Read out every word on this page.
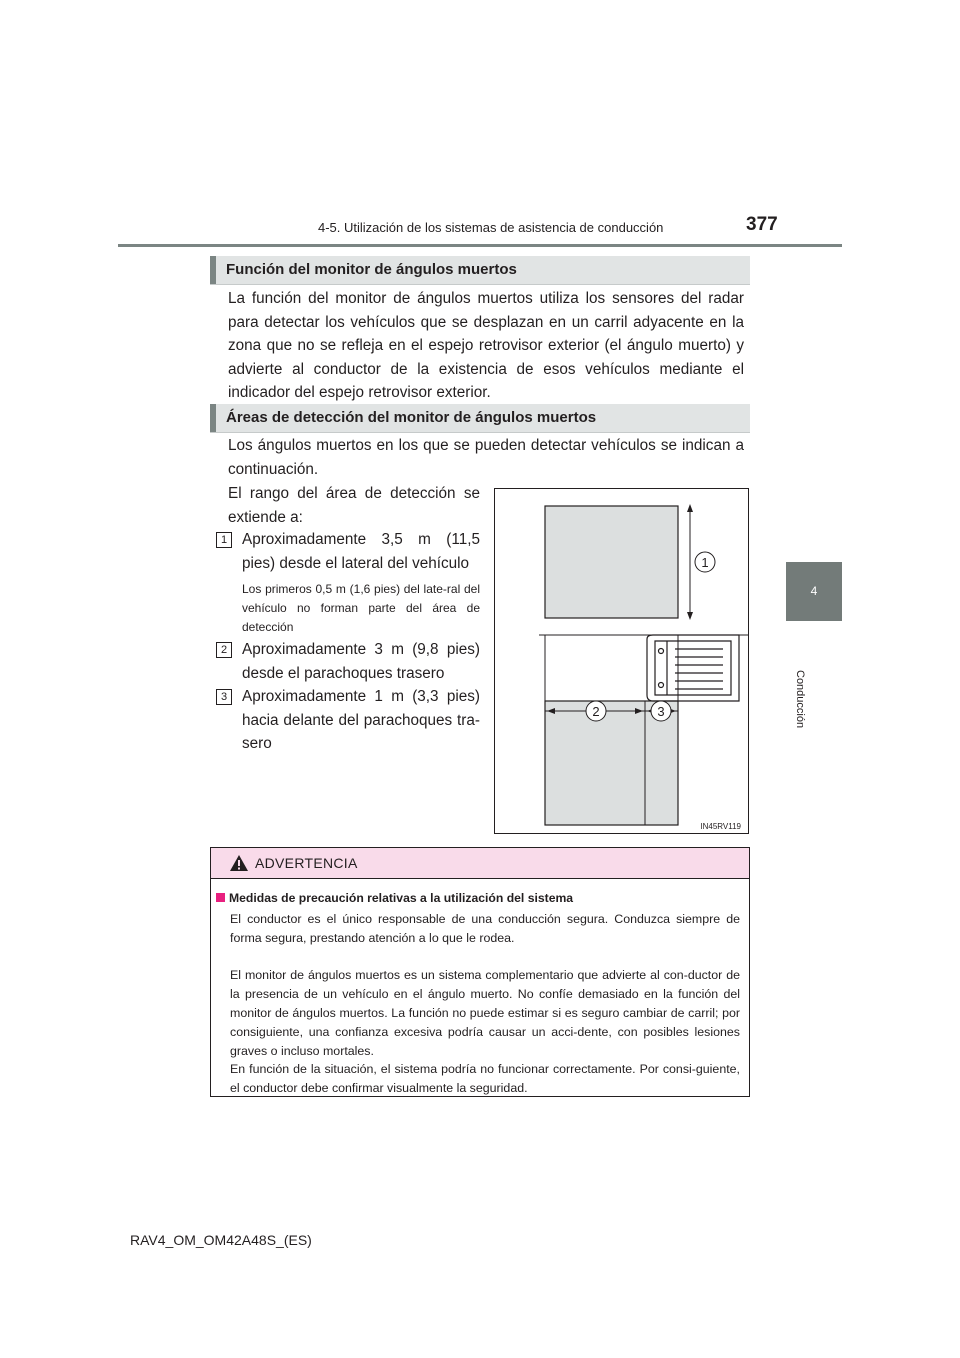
4-5. Utilización de los sistemas de asistencia de conducción	377
4
Conducción
Función del monitor de ángulos muertos
La función del monitor de ángulos muertos utiliza los sensores del radar para detectar los vehículos que se desplazan en un carril adyacente en la zona que no se refleja en el espejo retrovisor exterior (el ángulo muerto) y advierte al conductor de la existencia de esos vehículos mediante el indicador del espejo retrovisor exterior.
Áreas de detección del monitor de ángulos muertos
Los ángulos muertos en los que se pueden detectar vehículos se indican a continuación.
El rango del área de detección se extiende a:
1 Aproximadamente 3,5 m (11,5 pies) desde el lateral del vehículo
Los primeros 0,5 m (1,6 pies) del late-ral del vehículo no forman parte del área de detección
2 Aproximadamente 3 m (9,8 pies) desde el parachoques trasero
3 Aproximadamente 1 m (3,3 pies) hacia delante del parachoques tra-sero
1
2	3
IN45RV119
ADVERTENCIA
Medidas de precaución relativas a la utilización del sistema
El conductor es el único responsable de una conducción segura. Conduzca siempre de forma segura, prestando atención a lo que le rodea.
El monitor de ángulos muertos es un sistema complementario que advierte al con-ductor de la presencia de un vehículo en el ángulo muerto. No confíe demasiado en la función del monitor de ángulos muertos. La función no puede estimar si es seguro cambiar de carril; por consiguiente, una confianza excesiva podría causar un acci-dente, con posibles lesiones graves o incluso mortales.
En función de la situación, el sistema podría no funcionar correctamente. Por consi-guiente, el conductor debe confirmar visualmente la seguridad.
RAV4_OM_OM42A48S_(ES)
